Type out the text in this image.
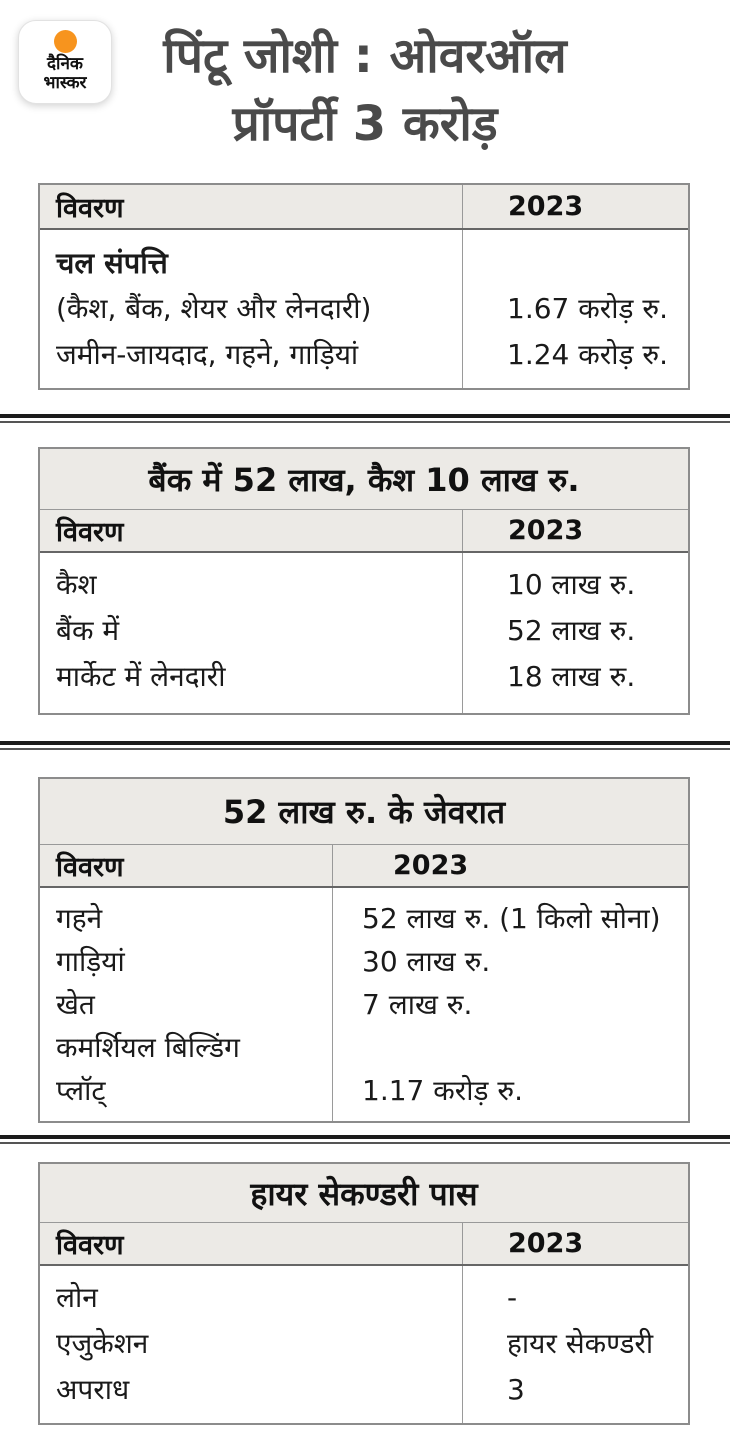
दैनिक
भास्कर	पिंटू जोशी : ओवरऑल
प्रॉपर्टी 3 करोड़
विवरण	2023
चल संपत्ति
(कैश, बैंक, शेयर और लेनदारी)	1.67 करोड़ रु.
जमीन-जायदाद, गहने, गाड़ियां	1.24 करोड़ रु.
बैंक में 52 लाख, कैश 10 लाख रु.
विवरण	2023
कैश	10 लाख रु.
बैंक में	52 लाख रु.
मार्केट में लेनदारी	18 लाख रु.
52 लाख रु. के जेवरात
विवरण	2023
गहने	52 लाख रु. (1 किलो सोना)
गाड़ियां	30 लाख रु.
खेत	7 लाख रु.
कमर्शियल बिल्डिंग
प्लॉट्	1.17 करोड़ रु.
हायर सेकण्डरी पास
विवरण	2023
लोन	-
एजुकेशन	हायर सेकण्डरी
अपराध	3
